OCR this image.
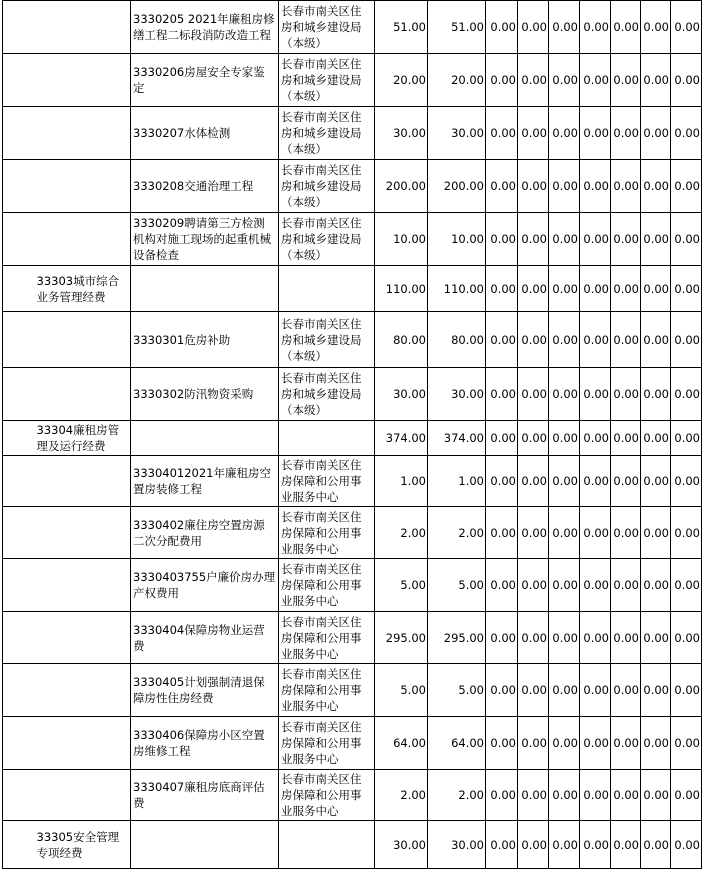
		3330205 2021年廉租房修缮工程二标段消防改造工程	长春市南关区住房和城乡建设局（本级）	51.00	51.00	0.00	0.00	0.00	0.00	0.00	0.00	0.00
		3330206房屋安全专家鉴定	长春市南关区住房和城乡建设局（本级）	20.00	20.00	0.00	0.00	0.00	0.00	0.00	0.00	0.00
		3330207水体检测	长春市南关区住房和城乡建设局（本级）	30.00	30.00	0.00	0.00	0.00	0.00	0.00	0.00	0.00
		3330208交通治理工程	长春市南关区住房和城乡建设局（本级）	200.00	200.00	0.00	0.00	0.00	0.00	0.00	0.00	0.00
		3330209聘请第三方检测机构对施工现场的起重机械设备检查	长春市南关区住房和城乡建设局（本级）	10.00	10.00	0.00	0.00	0.00	0.00	0.00	0.00	0.00
	33303城市综合业务管理经费			110.00	110.00	0.00	0.00	0.00	0.00	0.00	0.00	0.00
		3330301危房补助	长春市南关区住房和城乡建设局（本级）	80.00	80.00	0.00	0.00	0.00	0.00	0.00	0.00	0.00
		3330302防汛物资采购	长春市南关区住房和城乡建设局（本级）	30.00	30.00	0.00	0.00	0.00	0.00	0.00	0.00	0.00
	33304廉租房管理及运行经费			374.00	374.00	0.00	0.00	0.00	0.00	0.00	0.00	0.00
		33304012021年廉租房空置房装修工程	长春市南关区住房保障和公用事业服务中心	1.00	1.00	0.00	0.00	0.00	0.00	0.00	0.00	0.00
		3330402廉住房空置房源二次分配费用	长春市南关区住房保障和公用事业服务中心	2.00	2.00	0.00	0.00	0.00	0.00	0.00	0.00	0.00
		3330403755户廉价房办理产权费用	长春市南关区住房保障和公用事业服务中心	5.00	5.00	0.00	0.00	0.00	0.00	0.00	0.00	0.00
		3330404保障房物业运营费	长春市南关区住房保障和公用事业服务中心	295.00	295.00	0.00	0.00	0.00	0.00	0.00	0.00	0.00
		3330405计划强制清退保障房性住房经费	长春市南关区住房保障和公用事业服务中心	5.00	5.00	0.00	0.00	0.00	0.00	0.00	0.00	0.00
		3330406保障房小区空置房维修工程	长春市南关区住房保障和公用事业服务中心	64.00	64.00	0.00	0.00	0.00	0.00	0.00	0.00	0.00
		3330407廉租房底商评估费	长春市南关区住房保障和公用事业服务中心	2.00	2.00	0.00	0.00	0.00	0.00	0.00	0.00	0.00
	33305安全管理专项经费			30.00	30.00	0.00	0.00	0.00	0.00	0.00	0.00	0.00
